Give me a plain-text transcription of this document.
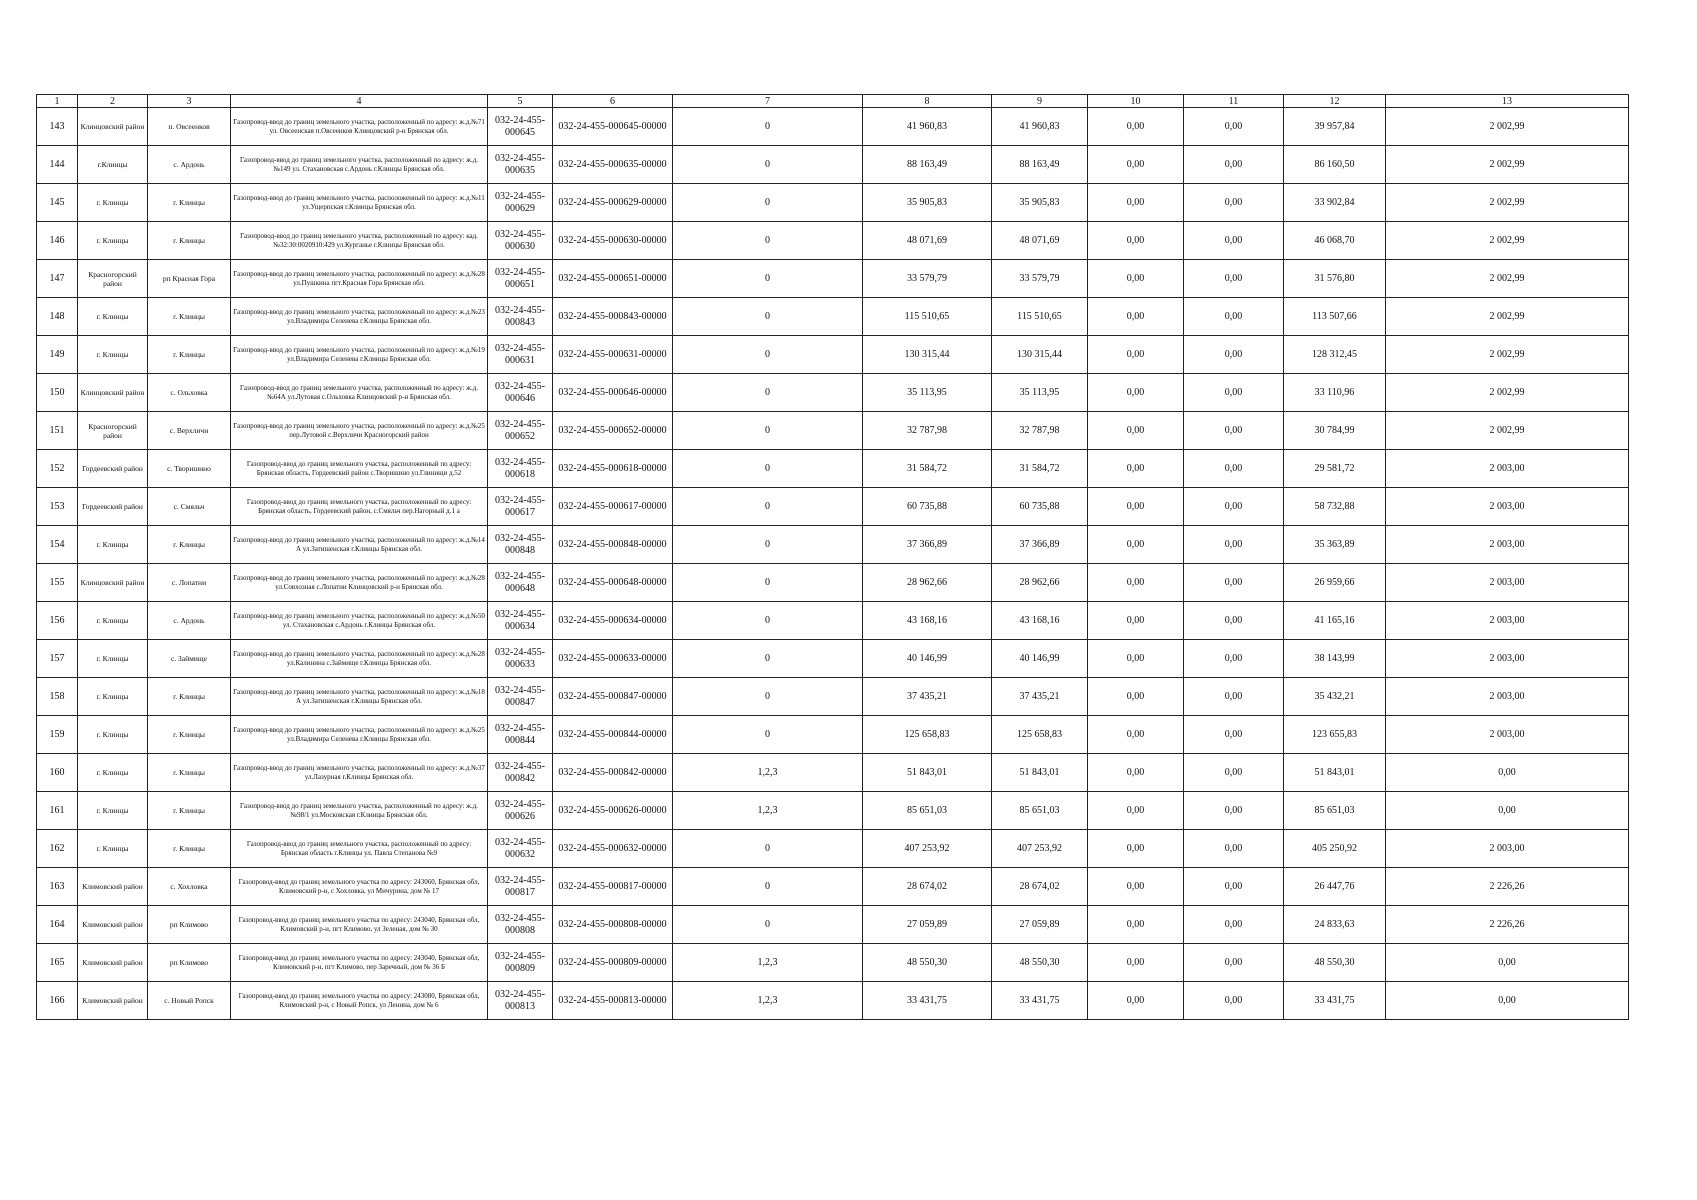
1	2	3	4	5	6	7	8	9	10	11	12	13
143	Клинцовский район	п. Овсеенков	Газопровод-ввод до границ земельного участка, расположенный по адресу: ж.д.№71 ул. Овсеенская п.Овсеенков Клинцовский р-н Брянская обл.	032-24-455-000645	032-24-455-000645-00000	0	41 960,83	41 960,83	0,00	0,00	39 957,84	2 002,99
144	г.Клинцы	с. Ардонь	Газопровод-ввод до границ земельного участка, расположенный по адресу: ж.д.№149 ул. Стахановская с.Ардонь г.Клинцы Брянская обл.	032-24-455-000635	032-24-455-000635-00000	0	88 163,49	88 163,49	0,00	0,00	86 160,50	2 002,99
145	г. Клинцы	г. Клинцы	Газопровод-ввод до границ земельного участка, расположенный по адресу: ж.д.№11 ул.Ущерпская г.Клинцы Брянская обл.	032-24-455-000629	032-24-455-000629-00000	0	35 905,83	35 905,83	0,00	0,00	33 902,84	2 002,99
146	г. Клинцы	г. Клинцы	Газопровод-ввод до границ земельного участка, расположенный по адресу: кад. №32:30:0020910:429 ул.Курганье г.Клинцы Брянская обл.	032-24-455-000630	032-24-455-000630-00000	0	48 071,69	48 071,69	0,00	0,00	46 068,70	2 002,99
147	Красногорский район	рп Красная Гора	Газопровод-ввод до границ земельного участка, расположенный по адресу: ж.д.№28 ул.Пушкина пгт.Красная Гора Брянская обл.	032-24-455-000651	032-24-455-000651-00000	0	33 579,79	33 579,79	0,00	0,00	31 576,80	2 002,99
148	г. Клинцы	г. Клинцы	Газопровод-ввод до границ земельного участка, расположенный по адресу: ж.д.№23 ул.Владимира Селенева г.Клинцы Брянская обл.	032-24-455-000843	032-24-455-000843-00000	0	115 510,65	115 510,65	0,00	0,00	113 507,66	2 002,99
149	г. Клинцы	г. Клинцы	Газопровод-ввод до границ земельного участка, расположенный по адресу: ж.д.№19 ул.Владимира Селенева г.Клинцы Брянская обл.	032-24-455-000631	032-24-455-000631-00000	0	130 315,44	130 315,44	0,00	0,00	128 312,45	2 002,99
150	Клинцовский район	с. Ольховка	Газопровод-ввод до границ земельного участка, расположенный по адресу: ж.д.№64А ул.Лутовая с.Ольховка Клинцовский р-н Брянская обл.	032-24-455-000646	032-24-455-000646-00000	0	35 113,95	35 113,95	0,00	0,00	33 110,96	2 002,99
151	Красногорский район	с. Верхличи	Газопровод-ввод до границ земельного участка, расположенный по адресу: ж.д.№25 пер.Лутовой с.Верхличи Красногорский район	032-24-455-000652	032-24-455-000652-00000	0	32 787,98	32 787,98	0,00	0,00	30 784,99	2 002,99
152	Гордеевский район	с. Творишино	Газопровод-ввод до границ земельного участка, расположенный по адресу: Брянская область, Гордеевский район с.Творишино ул.Глинищи д.52	032-24-455-000618	032-24-455-000618-00000	0	31 584,72	31 584,72	0,00	0,00	29 581,72	2 003,00
153	Гордеевский район	с. Смяльч	Газопровод-ввод до границ земельного участка, расположенный по адресу: Брянская область, Гордеевский район, с.Смяльч пер.Нагорный д.1 а	032-24-455-000617	032-24-455-000617-00000	0	60 735,88	60 735,88	0,00	0,00	58 732,88	2 003,00
154	г. Клинцы	г. Клинцы	Газопровод-ввод до границ земельного участка, расположенный по адресу: ж.д.№14 А ул.Затишенская г.Клинцы Брянская обл.	032-24-455-000848	032-24-455-000848-00000	0	37 366,89	37 366,89	0,00	0,00	35 363,89	2 003,00
155	Клинцовский район	с. Лопатни	Газопровод-ввод до границ земельного участка, расположенный по адресу: ж.д.№28 ул.Совхозная с.Лопатни Клинцовский р-н Брянская обл.	032-24-455-000648	032-24-455-000648-00000	0	28 962,66	28 962,66	0,00	0,00	26 959,66	2 003,00
156	г. Клинцы	с. Ардонь	Газопровод-ввод до границ земельного участка, расположенный по адресу: ж.д.№50 ул. Стахановская с.Ардонь г.Клинцы Брянская обл.	032-24-455-000634	032-24-455-000634-00000	0	43 168,16	43 168,16	0,00	0,00	41 165,16	2 003,00
157	г. Клинцы	с. Займище	Газопровод-ввод до границ земельного участка, расположенный по адресу: ж.д.№28 ул.Калинина с.Займище г.Клинцы Брянская обл.	032-24-455-000633	032-24-455-000633-00000	0	40 146,99	40 146,99	0,00	0,00	38 143,99	2 003,00
158	г. Клинцы	г. Клинцы	Газопровод-ввод до границ земельного участка, расположенный по адресу: ж.д.№18 А ул.Затишенская г.Клинцы Брянская обл.	032-24-455-000847	032-24-455-000847-00000	0	37 435,21	37 435,21	0,00	0,00	35 432,21	2 003,00
159	г. Клинцы	г. Клинцы	Газопровод-ввод до границ земельного участка, расположенный по адресу: ж.д.№25 ул.Владимира Селенева г.Клинцы Брянская обл.	032-24-455-000844	032-24-455-000844-00000	0	125 658,83	125 658,83	0,00	0,00	123 655,83	2 003,00
160	г. Клинцы	г. Клинцы	Газопровод-ввод до границ земельного участка, расположенный по адресу: ж.д.№37 ул.Лазурная г.Клинцы Брянская обл.	032-24-455-000842	032-24-455-000842-00000	1,2,3	51 843,01	51 843,01	0,00	0,00	51 843,01	0,00
161	г. Клинцы	г. Клинцы	Газопровод-ввод до границ земельного участка, расположенный по адресу: ж.д.№98/1 ул.Московская г.Клинцы Брянская обл.	032-24-455-000626	032-24-455-000626-00000	1,2,3	85 651,03	85 651,03	0,00	0,00	85 651,03	0,00
162	г. Клинцы	г. Клинцы	Газопровод-ввод до границ земельного участка, расположенный по адресу: Брянская область г.Клинцы ул. Павла Степанова №9	032-24-455-000632	032-24-455-000632-00000	0	407 253,92	407 253,92	0,00	0,00	405 250,92	2 003,00
163	Климовский район	с. Хохловка	Газопровод-ввод до границ земельного участка по адресу: 243060, Брянская обл, Климовский р-н, с Хохловка, ул Мичурина, дом № 17	032-24-455-000817	032-24-455-000817-00000	0	28 674,02	28 674,02	0,00	0,00	26 447,76	2 226,26
164	Климовский район	рп Климово	Газопровод-ввод до границ земельного участка по адресу: 243040, Брянская обл, Климовский р-н, пгт Климово, ул Зеленая, дом № 30	032-24-455-000808	032-24-455-000808-00000	0	27 059,89	27 059,89	0,00	0,00	24 833,63	2 226,26
165	Климовский район	рп Климово	Газопровод-ввод до границ земельного участка по адресу: 243040, Брянская обл, Климовский р-н, пгт Климово, пер Заречный, дом № 36 Б	032-24-455-000809	032-24-455-000809-00000	1,2,3	48 550,30	48 550,30	0,00	0,00	48 550,30	0,00
166	Климовский район	с. Новый Ропск	Газопровод-ввод до границ земельного участка по адресу: 243080, Брянская обл, Климовский р-н, с Новый Ропск, ул Ленина, дом № 6	032-24-455-000813	032-24-455-000813-00000	1,2,3	33 431,75	33 431,75	0,00	0,00	33 431,75	0,00
